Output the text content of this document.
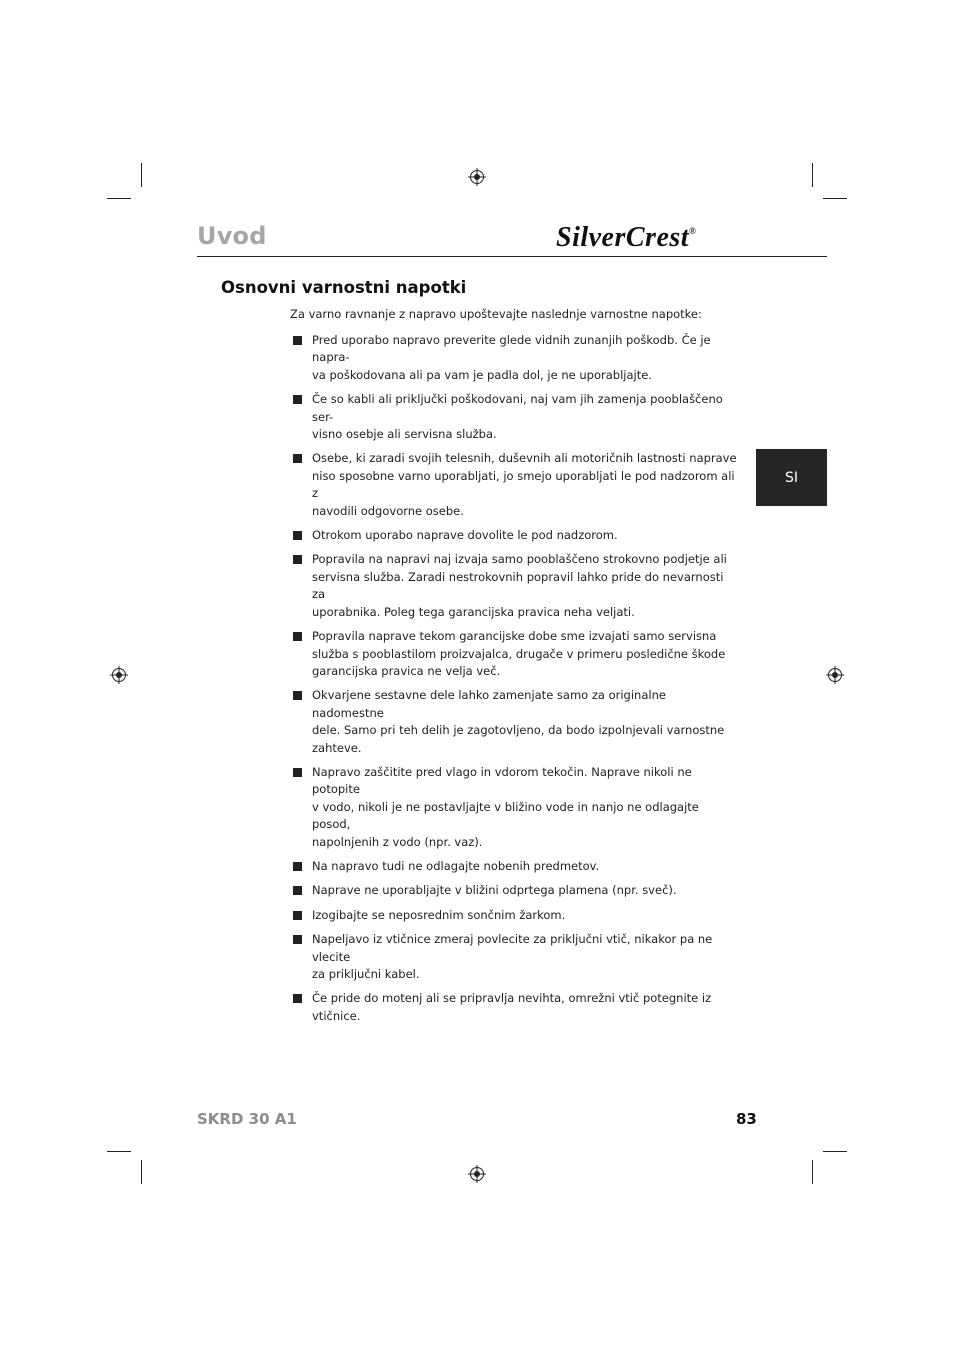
Uvod	SilverCrest®
Osnovni varnostni napotki
Za varno ravnanje z napravo upoštevajte naslednje varnostne napotke:
Pred uporabo napravo preverite glede vidnih zunanjih poškodb. Če je napra-
va poškodovana ali pa vam je padla dol, je ne uporabljajte.
Če so kabli ali priključki poškodovani, naj vam jih zamenja pooblaščeno ser-
visno osebje ali servisna služba.
Osebe, ki zaradi svojih telesnih, duševnih ali motoričnih lastnosti naprave
niso sposobne varno uporabljati, jo smejo uporabljati le pod nadzorom ali z
navodili odgovorne osebe.
Otrokom uporabo naprave dovolite le pod nadzorom.
Popravila na napravi naj izvaja samo pooblaščeno strokovno podjetje ali
servisna služba. Zaradi nestrokovnih popravil lahko pride do nevarnosti za
uporabnika. Poleg tega garancijska pravica neha veljati.
Popravila naprave tekom garancijske dobe sme izvajati samo servisna
služba s pooblastilom proizvajalca, drugače v primeru posledične škode
garancijska pravica ne velja več.
Okvarjene sestavne dele lahko zamenjate samo za originalne nadomestne
dele. Samo pri teh delih je zagotovljeno, da bodo izpolnjevali varnostne
zahteve.
Napravo zaščitite pred vlago in vdorom tekočin. Naprave nikoli ne potopite
v vodo, nikoli je ne postavljajte v bližino vode in nanjo ne odlagajte posod,
napolnjenih z vodo (npr. vaz).
Na napravo tudi ne odlagajte nobenih predmetov.
Naprave ne uporabljajte v bližini odprtega plamena (npr. sveč).
Izogibajte se neposrednim sončnim žarkom.
Napeljavo iz vtičnice zmeraj povlecite za priključni vtič, nikakor pa ne vlecite
za priključni kabel.
Če pride do motenj ali se pripravlja nevihta, omrežni vtič potegnite iz vtičnice.
SI
SKRD 30 A1	83
